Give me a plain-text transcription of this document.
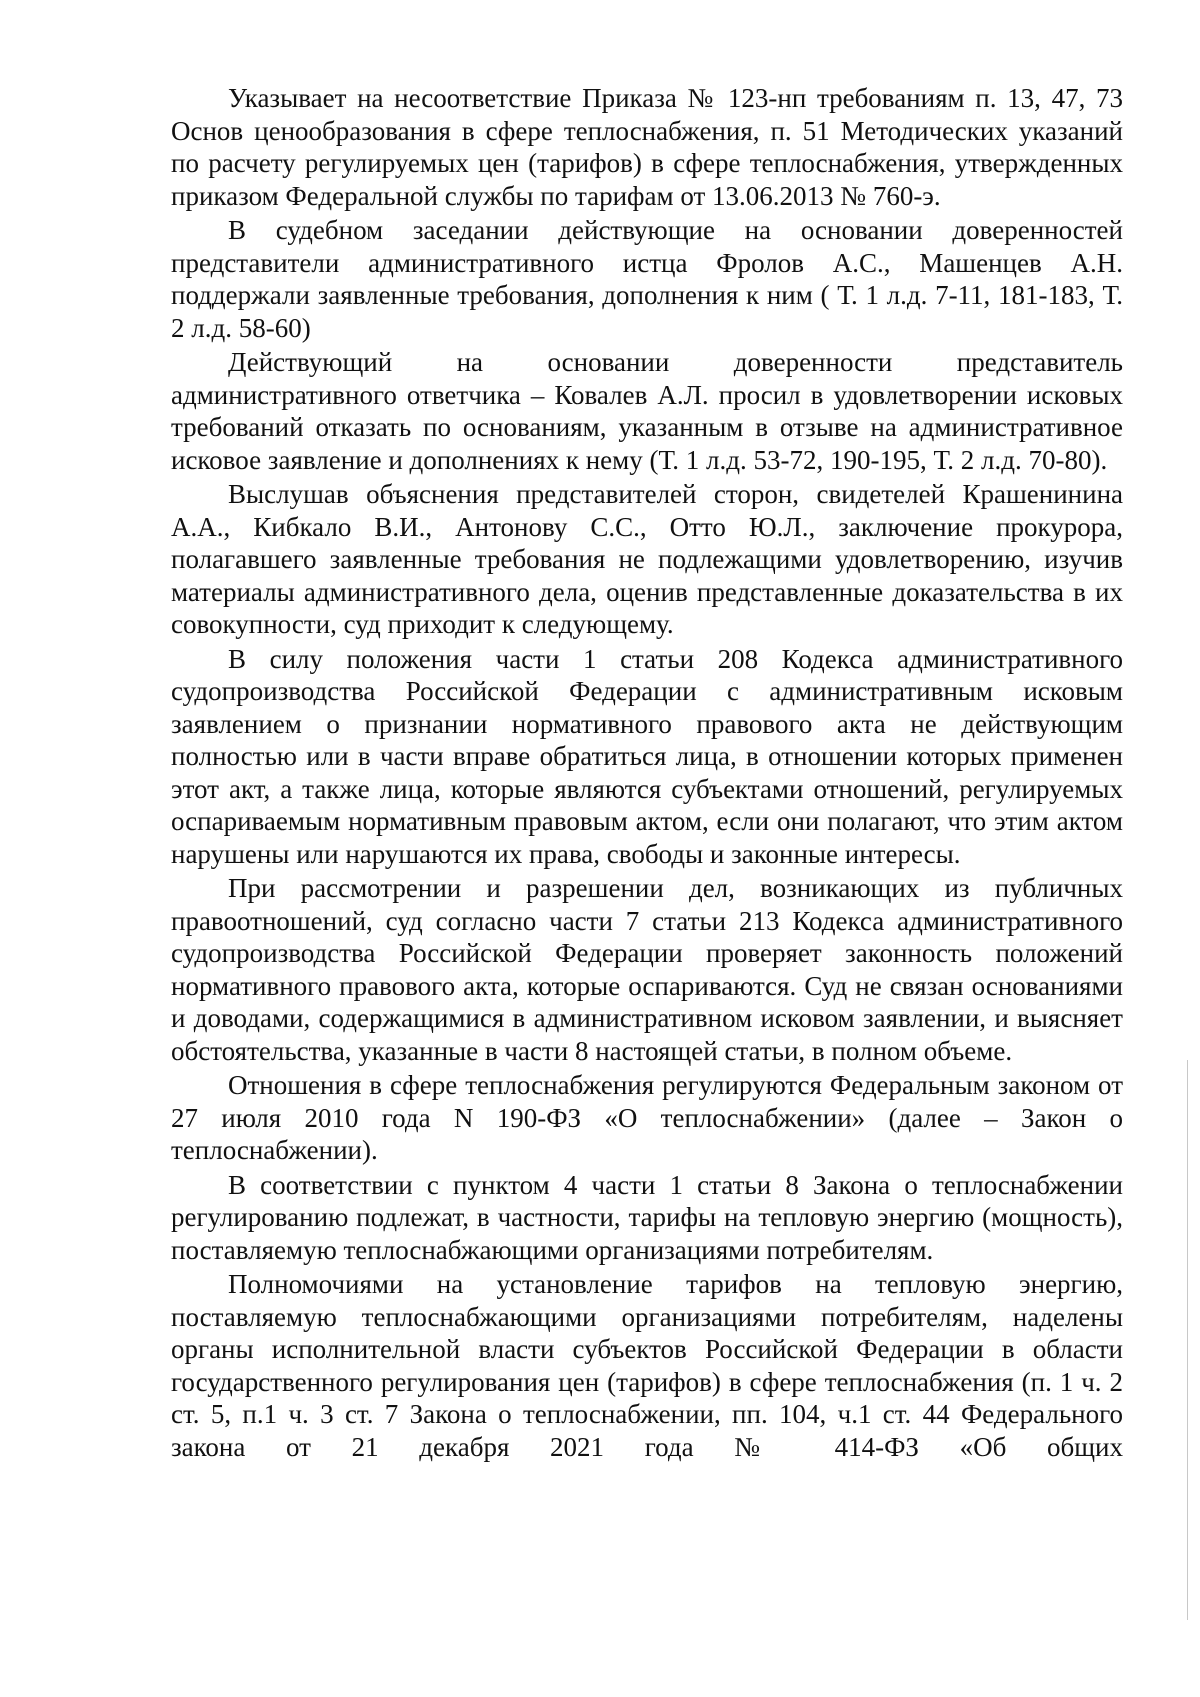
Указывает на несоответствие Приказа № 123-нп требованиям п. 13, 47, 73 Основ ценообразования в сфере теплоснабжения, п. 51 Методических указаний по расчету регулируемых цен (тарифов) в сфере теплоснабжения, утвержденных приказом Федеральной службы по тарифам от 13.06.2013 № 760-э.

В судебном заседании действующие на основании доверенностей представители административного истца Фролов А.С., Машенцев А.Н. поддержали заявленные требования, дополнения к ним ( Т. 1 л.д. 7-11, 181-183, Т. 2 л.д. 58-60)

Действующий на основании доверенности представитель административного ответчика – Ковалев А.Л. просил в удовлетворении исковых требований отказать по основаниям, указанным в отзыве на административное исковое заявление и дополнениях к нему (Т. 1 л.д. 53-72, 190-195, Т. 2 л.д. 70-80).

Выслушав объяснения представителей сторон, свидетелей Крашенинина А.А., Кибкало В.И., Антонову С.С., Отто Ю.Л., заключение прокурора, полагавшего заявленные требования не подлежащими удовлетворению, изучив материалы административного дела, оценив представленные доказательства в их совокупности, суд приходит к следующему.

В силу положения части 1 статьи 208 Кодекса административного судопроизводства Российской Федерации с административным исковым заявлением о признании нормативного правового акта не действующим полностью или в части вправе обратиться лица, в отношении которых применен этот акт, а также лица, которые являются субъектами отношений, регулируемых оспариваемым нормативным правовым актом, если они полагают, что этим актом нарушены или нарушаются их права, свободы и законные интересы.

При рассмотрении и разрешении дел, возникающих из публичных правоотношений, суд согласно части 7 статьи 213 Кодекса административного судопроизводства Российской Федерации проверяет законность положений нормативного правового акта, которые оспариваются. Суд не связан основаниями и доводами, содержащимися в административном исковом заявлении, и выясняет обстоятельства, указанные в части 8 настоящей статьи, в полном объеме.

Отношения в сфере теплоснабжения регулируются Федеральным законом от 27 июля 2010 года N 190-ФЗ «О теплоснабжении» (далее – Закон о теплоснабжении).

В соответствии с пунктом 4 части 1 статьи 8 Закона о теплоснабжении регулированию подлежат, в частности, тарифы на тепловую энергию (мощность), поставляемую теплоснабжающими организациями потребителям.

Полномочиями на установление тарифов на тепловую энергию, поставляемую теплоснабжающими организациями потребителям, наделены органы исполнительной власти субъектов Российской Федерации в области государственного регулирования цен (тарифов) в сфере теплоснабжения (п. 1 ч. 2 ст. 5, п.1 ч. 3 ст. 7 Закона о теплоснабжении, пп. 104, ч.1 ст. 44 Федерального закона от 21 декабря 2021 года № 414-ФЗ «Об общих
